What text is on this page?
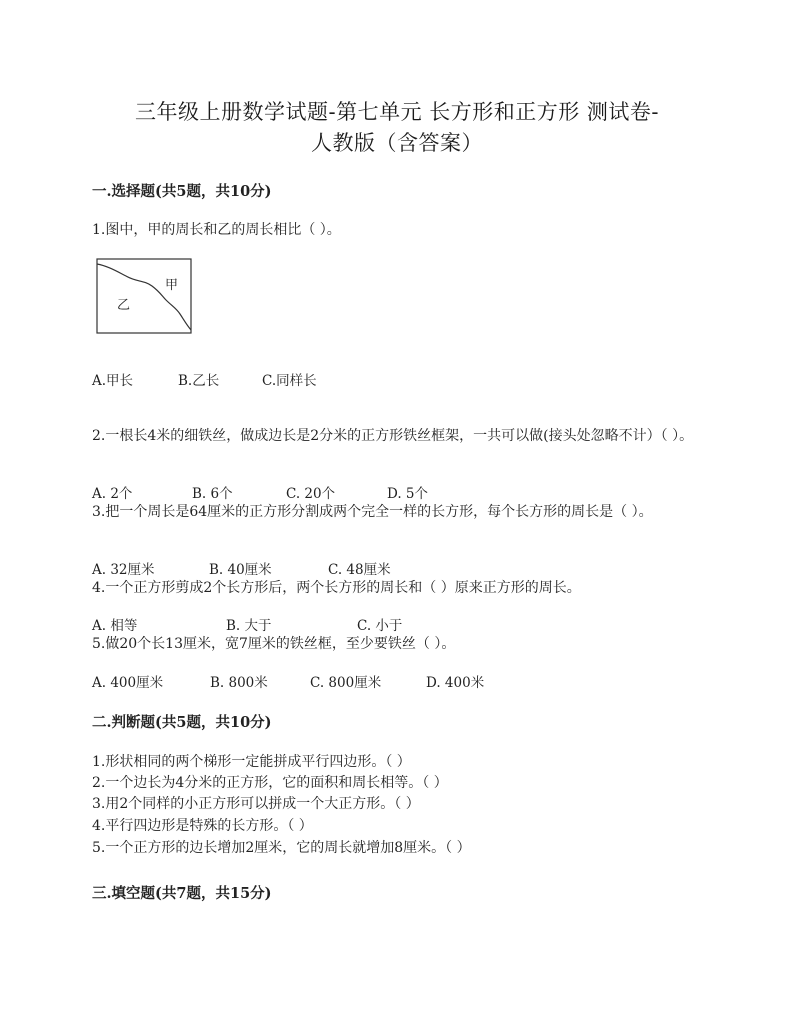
三年级上册数学试题-第七单元 长方形和正方形 测试卷-
人教版（含答案）
一.选择题(共5题，共10分)
1.图中，甲的周长和乙的周长相比（ ）。
甲
乙
A.甲长	B.乙长	C.同样长
2.一根长4米的细铁丝，做成边长是2分米的正方形铁丝框架，一共可以做(接头处忽略不计）（ ）。
A. 2个	B. 6个	C. 20个	D. 5个
3.把一个周长是64厘米的正方形分割成两个完全一样的长方形，每个长方形的周长是（ ）。
A. 32厘米	B. 40厘米	C. 48厘米
4.一个正方形剪成2个长方形后，两个长方形的周长和（ ）原来正方形的周长。
A. 相等	B. 大于	C. 小于
5.做20个长13厘米，宽7厘米的铁丝框，至少要铁丝（ ）。
A. 400厘米	B. 800米	C. 800厘米	D. 400米
二.判断题(共5题，共10分)
1.形状相同的两个梯形一定能拼成平行四边形。（ ）
2.一个边长为4分米的正方形，它的面积和周长相等。（ ）
3.用2个同样的小正方形可以拼成一个大正方形。（ ）
4.平行四边形是特殊的长方形。（ ）
5.一个正方形的边长增加2厘米，它的周长就增加8厘米。（ ）
三.填空题(共7题，共15分)
